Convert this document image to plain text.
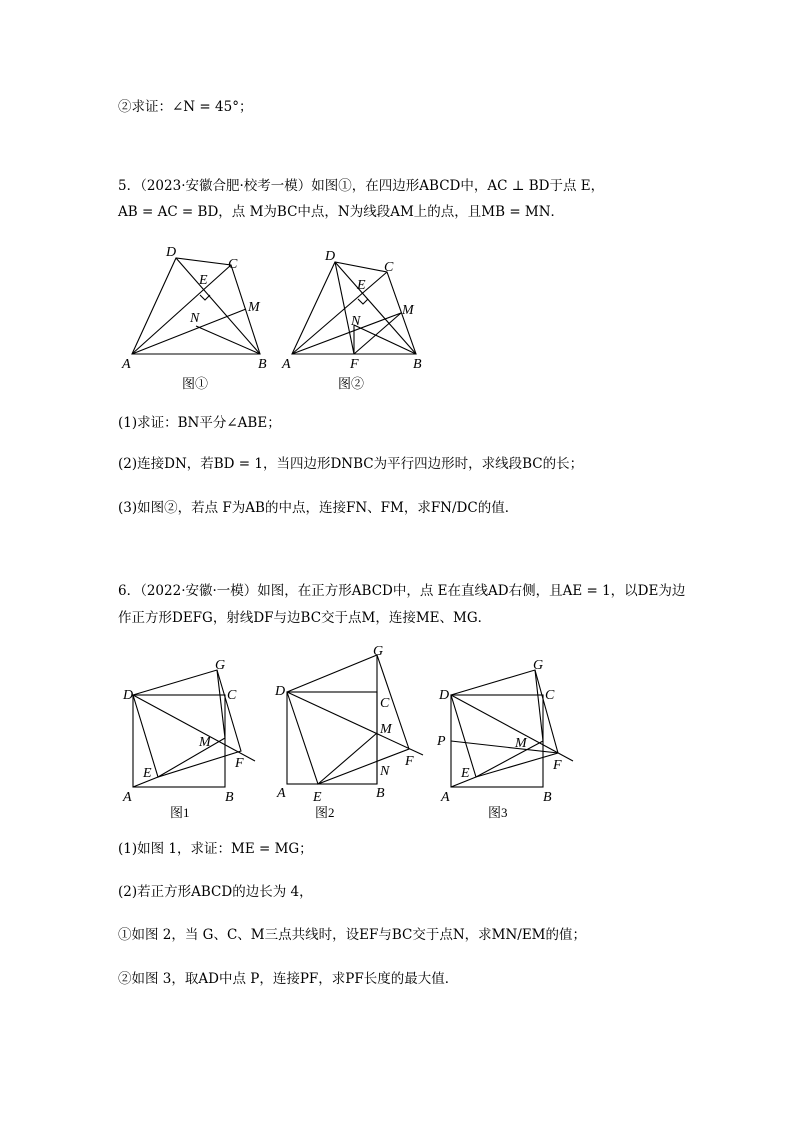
②求证：∠N = 45°；
5．（2023·安徽合肥·校考一模）如图①，在四边形ABCD中，AC ⊥ BD于点 E，
AB = AC = BD，点 M为BC中点，N为线段AM上的点，且MB = MN．
D
C
E
M
N
A	B
图①
D
C
E
M
N
A	F	B
图②
(1)求证：BN平分∠ABE；
(2)连接DN，若BD = 1，当四边形DNBC为平行四边形时，求线段BC的长；
(3)如图②，若点 F为AB的中点，连接FN、FM，求FN/DC的值．
6．（2022·安徽·一模）如图，在正方形ABCD中，点 E在直线AD右侧，且AE = 1，以DE为边
作正方形DEFG，射线DF与边BC交于点M，连接ME、MG．
D
G
C
M
F
E
A	B
图1
D
G
C
M
F
N
A E	B
图2
D
G
C
P	M
F
E
A	B
图3
(1)如图 1，求证：ME = MG；
(2)若正方形ABCD的边长为 4，
①如图 2，当 G、C、M三点共线时，设EF与BC交于点N，求MN/EM的值；
②如图 3，取AD中点 P，连接PF，求PF长度的最大值．
